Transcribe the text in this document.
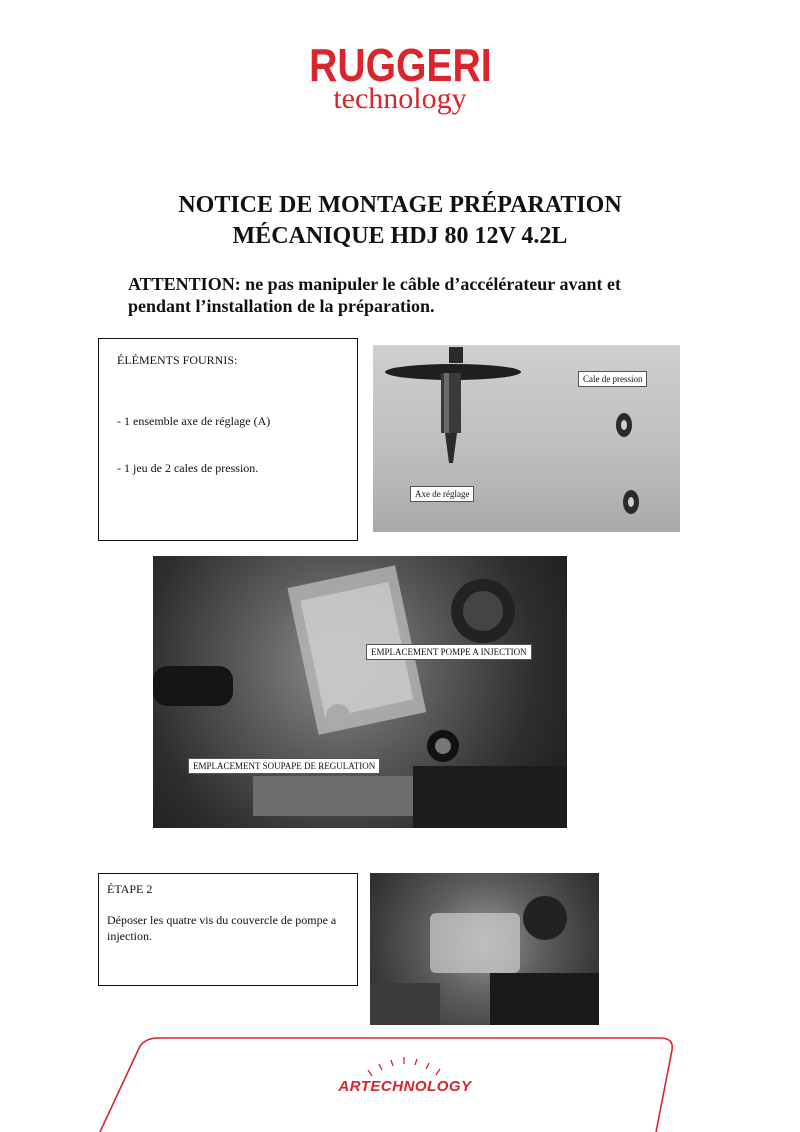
RUGGERI
technology
NOTICE DE MONTAGE PRÉPARATION
MÉCANIQUE HDJ 80 12V 4.2L
ATTENTION: ne pas manipuler le câble d’accélérateur avant et pendant l’installation de la préparation.
ÉLÉMENTS FOURNIS:
- 1 ensemble axe de réglage (A)
- 1 jeu de 2 cales de pression.
Cale de pression
Axe de réglage
EMPLACEMENT POMPE A INJECTION
EMPLACEMENT SOUPAPE DE REGULATION
ÉTAPE 2
Déposer les quatre vis du couvercle de pompe a injection.
ARTECHNOLOGY
